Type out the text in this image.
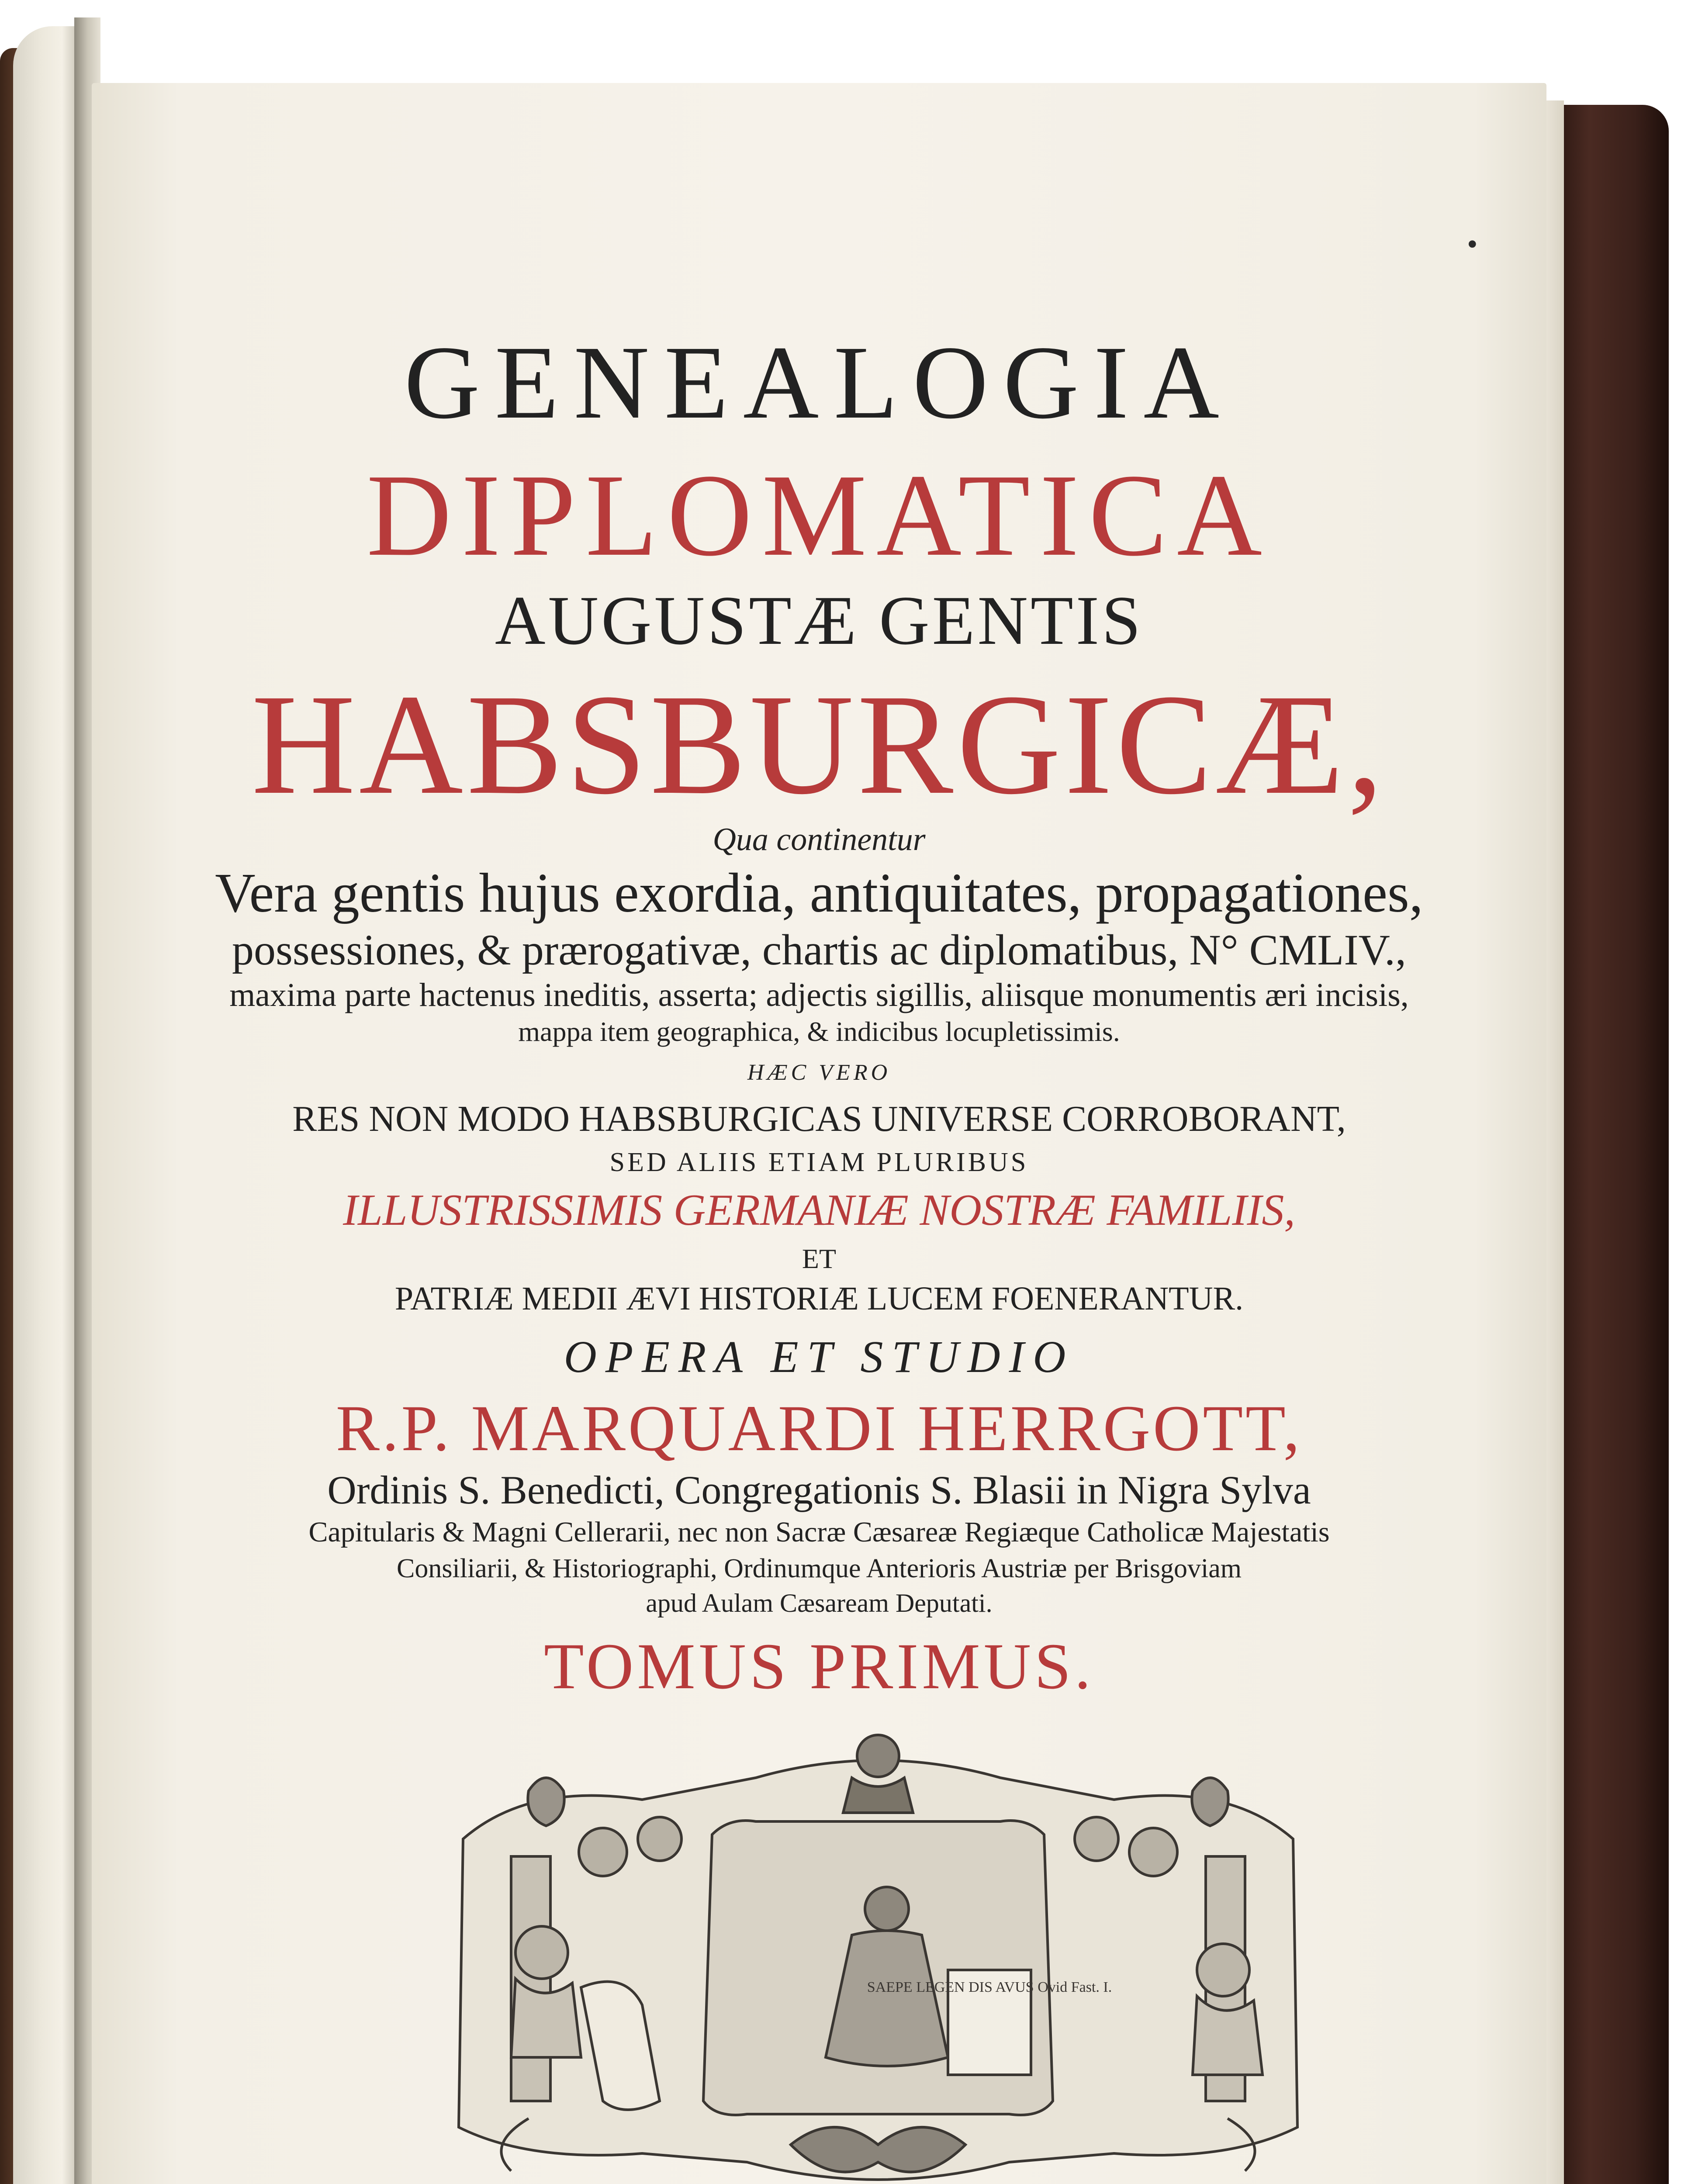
GENEALOGIA
DIPLOMATICA
AUGUSTÆ GENTIS
HABSBURGICÆ,
Qua continentur
Vera gentis hujus exordia, antiquitates, propagationes,
possessiones, & prærogativæ, chartis ac diplomatibus, N° CMLIV.,
maxima parte hactenus ineditis, asserta; adjectis sigillis, aliisque monumentis æri incisis,
mappa item geographica, & indicibus locupletissimis.
HÆC VERO
RES NON MODO HABSBURGICAS UNIVERSE CORROBORANT,
SED ALIIS ETIAM PLURIBUS
ILLUSTRISSIMIS GERMANIÆ NOSTRÆ FAMILIIS,
ET
PATRIÆ MEDII ÆVI HISTORIÆ LUCEM FOENERANTUR.
OPERA ET STUDIO
R.P. MARQUARDI HERRGOTT,
Ordinis S. Benedicti, Congregationis S. Blasii in Nigra Sylva
Capitularis & Magni Cellerarii, nec non Sacræ Cæsareæ Regiæque Catholicæ Majestatis
Consiliarii, & Historiographi, Ordinumque Anterioris Austriæ per Brisgoviam
apud Aulam Cæsaream Deputati.
TOMUS PRIMUS.
SAEPE LEGEN DIS AVUS Ovid Fast. I.
•
